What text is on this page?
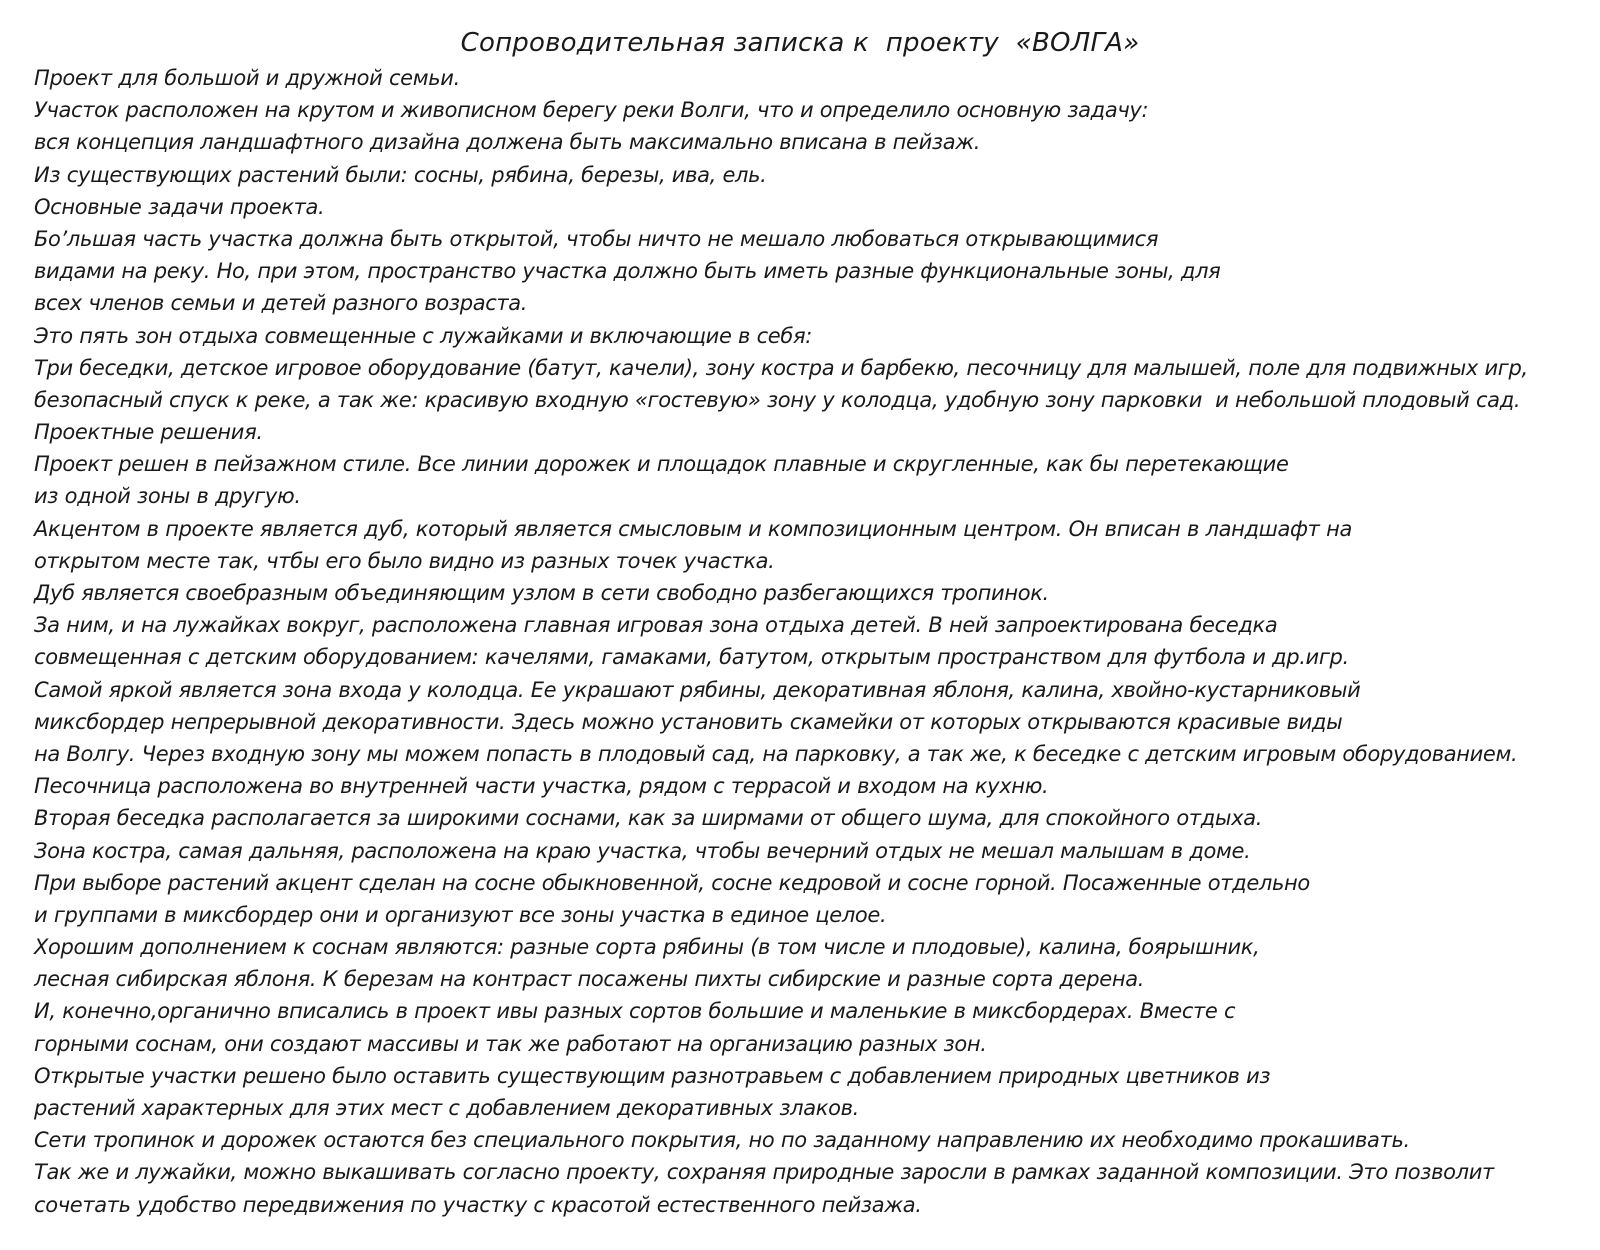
Сопроводительная записка к  проекту  «ВОЛГА»
Проект для большой и дружной семьи.
Участок расположен на крутом и живописном берегу реки Волги, что и определило основную задачу:
вся концепция ландшафтного дизайна должена быть максимально вписана в пейзаж.
Из существующих растений были: сосны, рябина, березы, ива, ель.
Основные задачи проекта.
Бо’льшая часть участка должна быть открытой, чтобы ничто не мешало любоваться открывающимися
видами на реку. Но, при этом, пространство участка должно быть иметь разные функциональные зоны, для
всех членов семьи и детей разного возраста.
Это пять зон отдыха совмещенные с лужайками и включающие в себя:
Три беседки, детское игровое оборудование (батут, качели), зону костра и барбекю, песочницу для малышей, поле для подвижных игр,
безопасный спуск к реке, а так же: красивую входную «гостевую» зону у колодца, удобную зону парковки  и небольшой плодовый сад.
Проектные решения.
Проект решен в пейзажном стиле. Все линии дорожек и площадок плавные и скругленные, как бы перетекающие
из одной зоны в другую.
Акцентом в проекте является дуб, который является смысловым и композиционным центром. Он вписан в ландшафт на
открытом месте так, чтбы его было видно из разных точек участка.
Дуб является своебразным объединяющим узлом в сети свободно разбегающихся тропинок.
За ним, и на лужайках вокруг, расположена главная игровая зона отдыха детей. В ней запроектирована беседка
совмещенная с детским оборудованием: качелями, гамаками, батутом, открытым пространством для футбола и др.игр.
Самой яркой является зона входа у колодца. Ее украшают рябины, декоративная яблоня, калина, хвойно-кустарниковый
миксбордер непрерывной декоративности. Здесь можно установить скамейки от которых открываются красивые виды
на Волгу. Через входную зону мы можем попасть в плодовый сад, на парковку, а так же, к беседке с детским игровым оборудованием.
Песочница расположена во внутренней части участка, рядом с террасой и входом на кухню.
Вторая беседка располагается за широкими соснами, как за ширмами от общего шума, для спокойного отдыха.
Зона костра, самая дальняя, расположена на краю участка, чтобы вечерний отдых не мешал малышам в доме.
При выборе растений акцент сделан на сосне обыкновенной, сосне кедровой и сосне горной. Посаженные отдельно
и группами в миксбордер они и организуют все зоны участка в единое целое.
Хорошим дополнением к соснам являются: разные сорта рябины (в том числе и плодовые), калина, боярышник,
лесная сибирская яблоня. К березам на контраст посажены пихты сибирские и разные сорта дерена.
И, конечно,органично вписались в проект ивы разных сортов большие и маленькие в миксбордерах. Вместе с
горными соснам, они создают массивы и так же работают на организацию разных зон.
Открытые участки решено было оставить существующим разнотравьем с добавлением природных цветников из
растений характерных для этих мест с добавлением декоративных злаков.
Сети тропинок и дорожек остаются без специального покрытия, но по заданному направлению их необходимо прокашивать.
Так же и лужайки, можно выкашивать согласно проекту, сохраняя природные заросли в рамках заданной композиции. Это позволит
сочетать удобство передвижения по участку с красотой естественного пейзажа.
